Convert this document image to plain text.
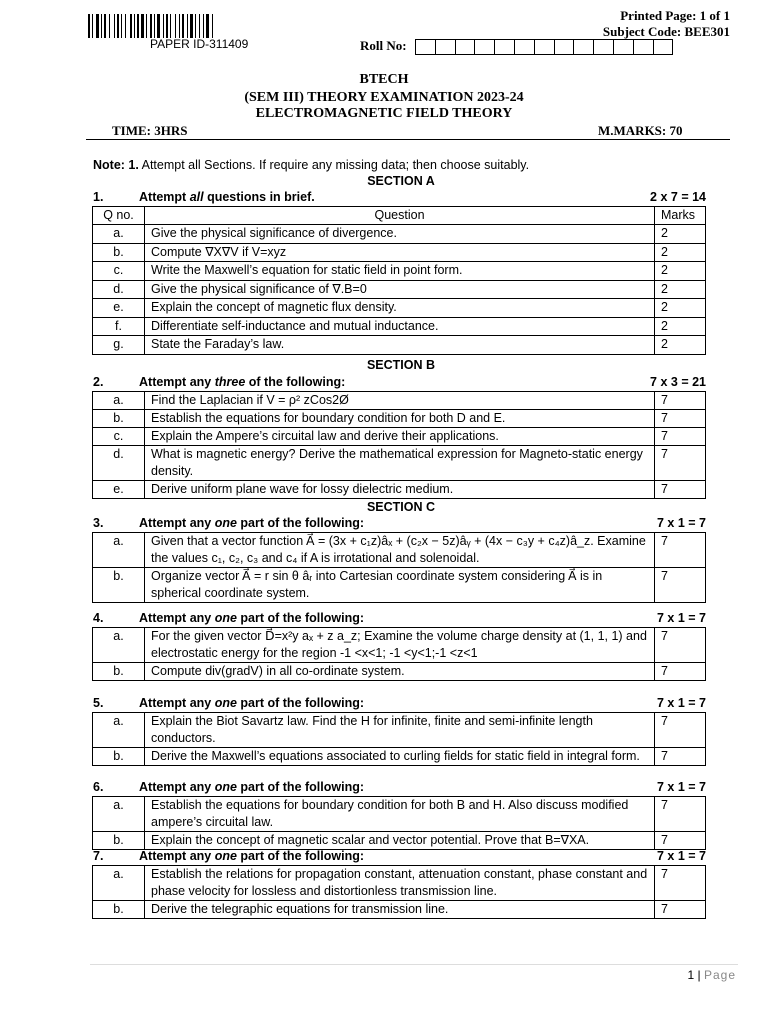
PAPER ID-311409
Printed Page: 1 of 1
Subject Code: BEE301
Roll No:
BTECH
(SEM III) THEORY EXAMINATION 2023-24
ELECTROMAGNETIC FIELD THEORY
TIME: 3HRS	M.MARKS: 70
Note: 1. Attempt all Sections. If require any missing data; then choose suitably.
SECTION A
1.	Attempt all questions in brief.	2 x 7 = 14
Q no.	Question	Marks
a.	Give the physical significance of divergence.	2
b.	Compute ∇X∇V if V=xyz	2
c.	Write the Maxwell’s equation for static field in point form.	2
d.	Give the physical significance of ∇.B=0	2
e.	Explain the concept of magnetic flux density.	2
f.	Differentiate self-inductance and mutual inductance.	2
g.	State the Faraday’s law.	2
SECTION B
2.	Attempt any three of the following:	7 x 3 = 21
a.	Find the Laplacian if V = ρ² zCos2Ø	7
b.	Establish the equations for boundary condition for both D and E.	7
c.	Explain the Ampere’s circuital law and derive their applications.	7
d.	What is magnetic energy? Derive the mathematical expression for Magneto-static energy density.	7
e.	Derive uniform plane wave for lossy dielectric medium.	7
SECTION C
3.	Attempt any one part of the following:	7 x 1 = 7
a.	Given that a vector function A⃗ = (3x + c₁z)âₓ + (c₂x − 5z)âᵧ + (4x − c₃y + c₄z)â_z. Examine the values c₁, c₂, c₃ and c₄ if A is irrotational and solenoidal.	7
b.	Organize vector A⃗ = r sin θ âᵣ into Cartesian coordinate system considering A⃗ is in spherical coordinate system.	7
4.	Attempt any one part of the following:	7 x 1 = 7
a.	For the given vector D⃗=x²y aₓ + z a_z; Examine the volume charge density at (1, 1, 1) and electrostatic energy for the region -1 <x<1; -1 <y<1;-1 <z<1	7
b.	Compute div(gradV) in all co-ordinate system.	7
5.	Attempt any one part of the following:	7 x 1 = 7
a.	Explain the Biot Savartz law. Find the H for infinite, finite and semi-infinite length conductors.	7
b.	Derive the Maxwell’s equations associated to curling fields for static field in integral form.	7
6.	Attempt any one part of the following:	7 x 1 = 7
a.	Establish the equations for boundary condition for both B and H. Also discuss modified ampere’s circuital law.	7
b.	Explain the concept of magnetic scalar and vector potential. Prove that B=∇XA.	7
7.	Attempt any one part of the following:	7 x 1 = 7
a.	Establish the relations for propagation constant, attenuation constant, phase constant and phase velocity for lossless and distortionless transmission line.	7
b.	Derive the telegraphic equations for transmission line.	7
1 | Page
